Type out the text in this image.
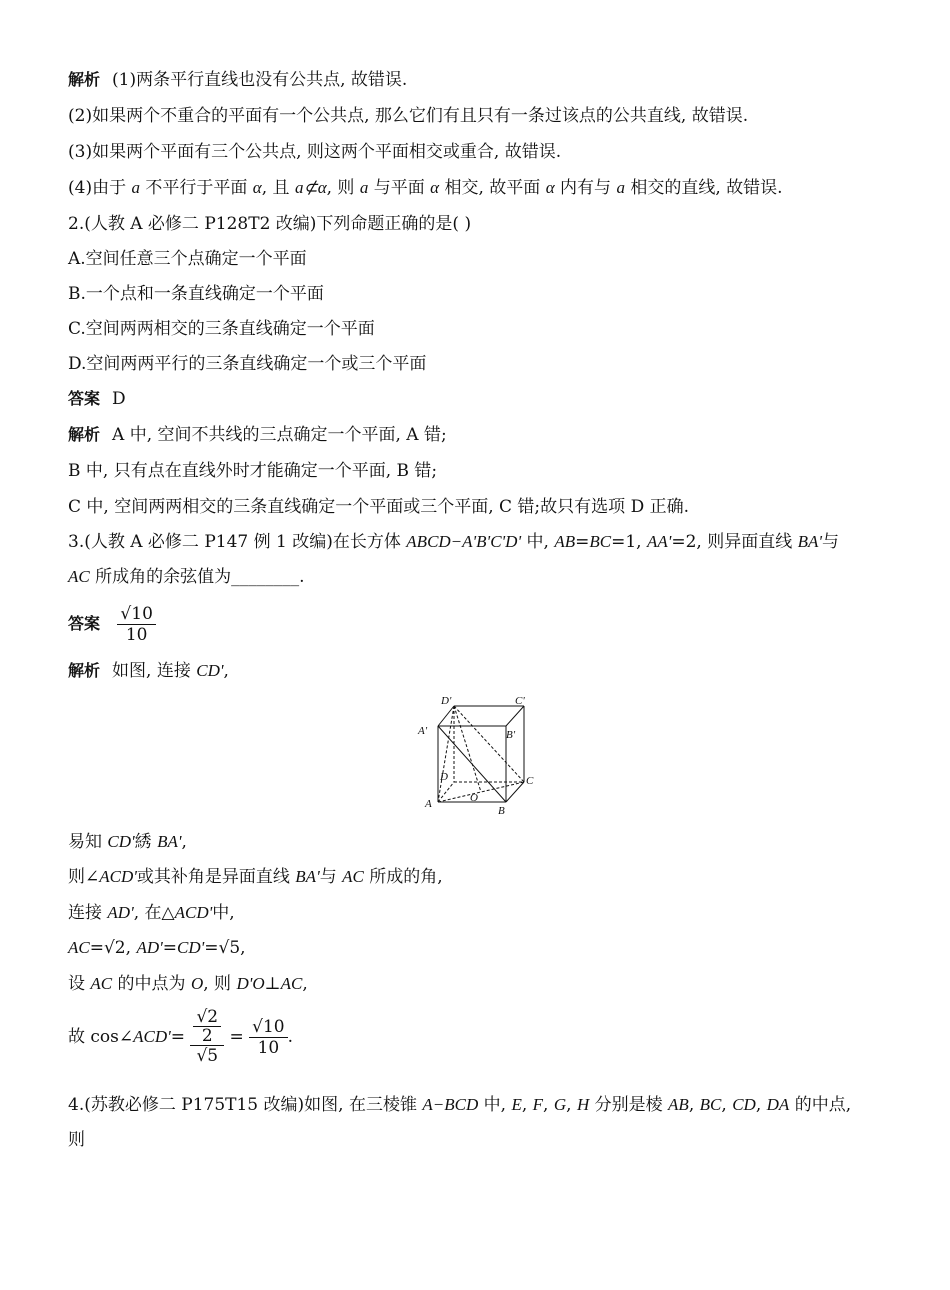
解析 (1)两条平行直线也没有公共点, 故错误.
(2)如果两个不重合的平面有一个公共点, 那么它们有且只有一条过该点的公共直线, 故错误.
(3)如果两个平面有三个公共点, 则这两个平面相交或重合, 故错误.
(4)由于 a 不平行于平面 α, 且 a⊄α, 则 a 与平面 α 相交, 故平面 α 内有与 a 相交的直线, 故错误.
2.(人教 A 必修二 P128T2 改编)下列命题正确的是( )
A.空间任意三个点确定一个平面
B.一个点和一条直线确定一个平面
C.空间两两相交的三条直线确定一个平面
D.空间两两平行的三条直线确定一个或三个平面
答案 D
解析 A 中, 空间不共线的三点确定一个平面, A 错;
B 中, 只有点在直线外时才能确定一个平面, B 错;
C 中, 空间两两相交的三条直线确定一个平面或三个平面, C 错;故只有选项 D 正确.
3.(人教 A 必修二 P147 例 1 改编)在长方体 ABCD−A'B'C'D' 中, AB=BC=1, AA'=2, 则异面直线 BA'与
AC 所成角的余弦值为________.
答案 $\frac{√10}{10}$
解析 如图, 连接 CD',
D'	C'
A'	B'
D	C
A	O
B
易知 CD'綉 BA',
则∠ACD'或其补角是异面直线 BA'与 AC 所成的角,
连接 AD', 在△ACD'中,
AC=√2, AD'=CD'=√5,
设 AC 的中点为 O, 则 D'O⊥AC,
故 cos∠ACD'= $\frac{\frac{√2}{2}}{√5} = \frac{√10}{10}$ .
4.(苏教必修二 P175T15 改编)如图, 在三棱锥 A−BCD 中, E, F, G, H 分别是棱 AB, BC, CD, DA 的中点,
则
